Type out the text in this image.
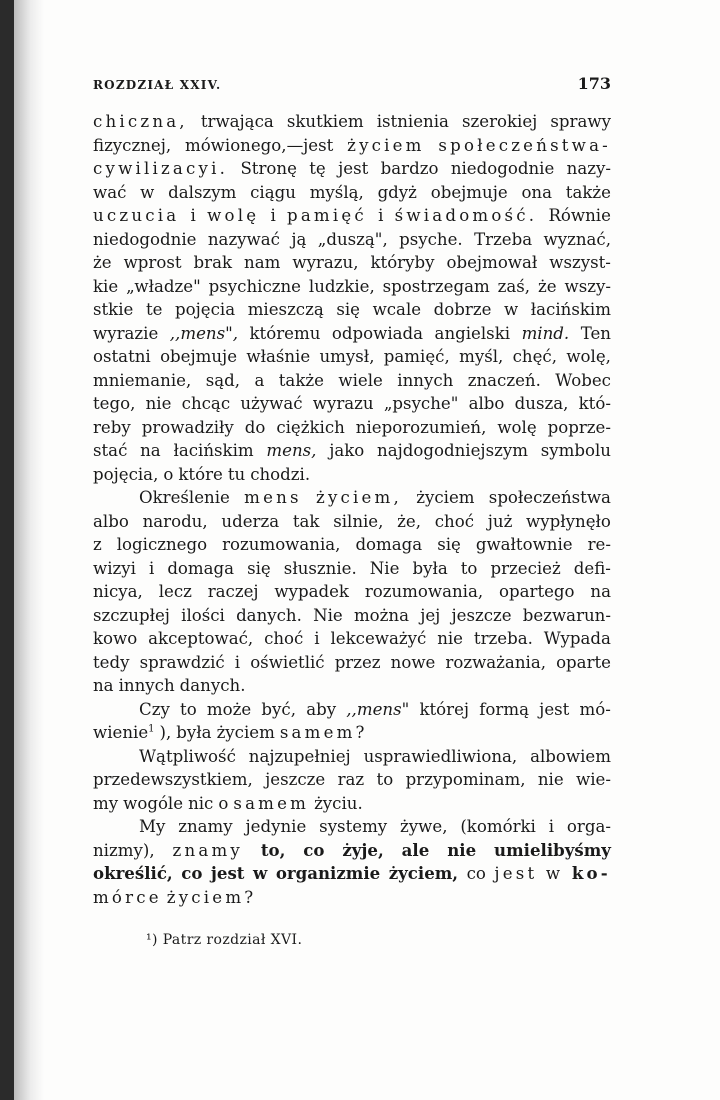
ROZDZIAŁ XXIV.	173
chiczna, trwająca skutkiem istnienia szerokiej sprawy
fizycznej, mówionego,—jest życiem społeczeństwa-
cywilizacyi. Stronę tę jest bardzo niedogodnie nazy-
wać w dalszym ciągu myślą, gdyż obejmuje ona także
uczucia i wolę i pamięć i świadomość. Równie
niedogodnie nazywać ją „duszą", psyche. Trzeba wyznać,
że wprost brak nam wyrazu, któryby obejmował wszyst-
kie „władze" psychiczne ludzkie, spostrzegam zaś, że wszy-
stkie te pojęcia mieszczą się wcale dobrze w łacińskim
wyrazie ,,mens", któremu odpowiada angielski mind. Ten
ostatni obejmuje właśnie umysł, pamięć, myśl, chęć, wolę,
mniemanie, sąd, a także wiele innych znaczeń. Wobec
tego, nie chcąc używać wyrazu „psyche" albo dusza, któ-
reby prowadziły do ciężkich nieporozumień, wolę poprze-
stać na łacińskim mens, jako najdogodniejszym symbolu
pojęcia, o które tu chodzi.
Określenie mens życiem, życiem społeczeństwa
albo narodu, uderza tak silnie, że, choć już wypłynęło
z logicznego rozumowania, domaga się gwałtownie re-
wizyi i domaga się słusznie. Nie była to przecież defi-
nicya, lecz raczej wypadek rozumowania, opartego na
szczupłej ilości danych. Nie można jej jeszcze bezwarun-
kowo akceptować, choć i lekceważyć nie trzeba. Wypada
tedy sprawdzić i oświetlić przez nowe rozważania, oparte
na innych danych.
Czy to może być, aby ,,mens" której formą jest mó-
wienie$^1$ ), była życiem samem?
Wątpliwość najzupełniej usprawiedliwiona, albowiem
przedewszystkiem, jeszcze raz to przypominam, nie wie-
my wogóle nic o samem życiu.
My znamy jedynie systemy żywe, (komórki i orga-
nizmy), znamy to, co żyje, ale nie umielibyśmy
określić, co jest w organizmie życiem, co jest w ko-
mórce życiem?
¹) Patrz rozdział XVI.
